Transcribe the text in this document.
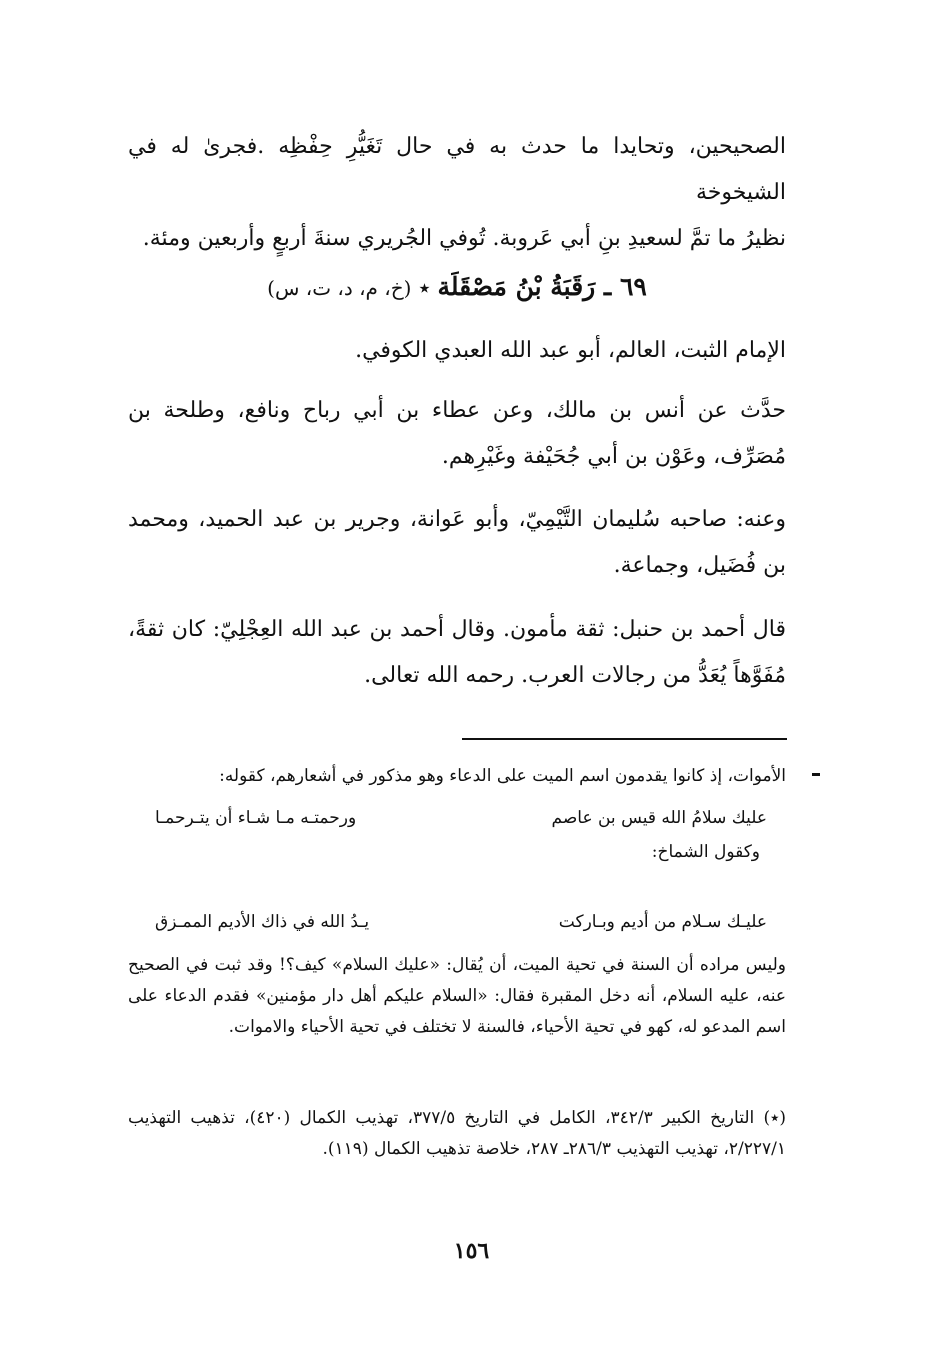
الصحيحين، وتحايدا ما حدث به في حال تَغَيُّرِ حِفْظِه .فجرىٰ له في الشيخوخة

نظيرُ ما تمَّ لسعيدِ بنِ أبي عَروبة. تُوفي الجُريري سنةَ أربعٍ وأربعين ومئة.

٦٩ ـ رَقَبَةُ بْنُ مَصْقَلَة ٭ (خ، م، د، ت، س)

الإمام الثبت، العالم، أبو عبد الله العبدي الكوفي.

حدَّث عن أنس بن مالك، وعن عطاء بن أبي رباح ونافع، وطلحة بن مُصَرِّف، وعَوْن بن أبي جُحَيْفة وغَيْرِهم.

وعنه: صاحبه سُليمان التَّيْمِيّ، وأبو عَوانة، وجرير بن عبد الحميد، ومحمد بن فُضَيل، وجماعة.

قال أحمد بن حنبل: ثقة مأمون. وقال أحمد بن عبد الله العِجْلِيّ: كان ثقةً، مُفَوَّهاً يُعَدُّ من رجالات العرب. رحمه الله تعالى.

الأموات، إذ كانوا يقدمون اسم الميت على الدعاء وهو مذكور في أشعارهم، كقوله:

عليك سلامُ الله قيس بن عاصم
ورحمتـه مـا شـاء أن يتـرحمـا

وكقول الشماخ:

عليـك سـلام من أديم وبـاركت
يـدُ الله في ذاك الأديم الممـزق

وليس مراده أن السنة في تحية الميت، أن يُقال: «عليك السلام» كيف؟! وقد ثبت في الصحيح عنه، عليه السلام، أنه دخل المقبرة فقال: «السلام عليكم أهل دار مؤمنين» فقدم الدعاء على اسم المدعو له، كهو في تحية الأحياء، فالسنة لا تختلف في تحية الأحياء والاموات.

(٭) التاريخ الكبير ٣٤٢/٣، الكامل في التاريخ ٣٧٧/٥، تهذيب الكمال (٤٢٠)، تذهيب التهذيب ٢/٢٢٧/١، تهذيب التهذيب ٢٨٦/٣ـ ٢٨٧، خلاصة تذهيب الكمال (١١٩).

١٥٦
